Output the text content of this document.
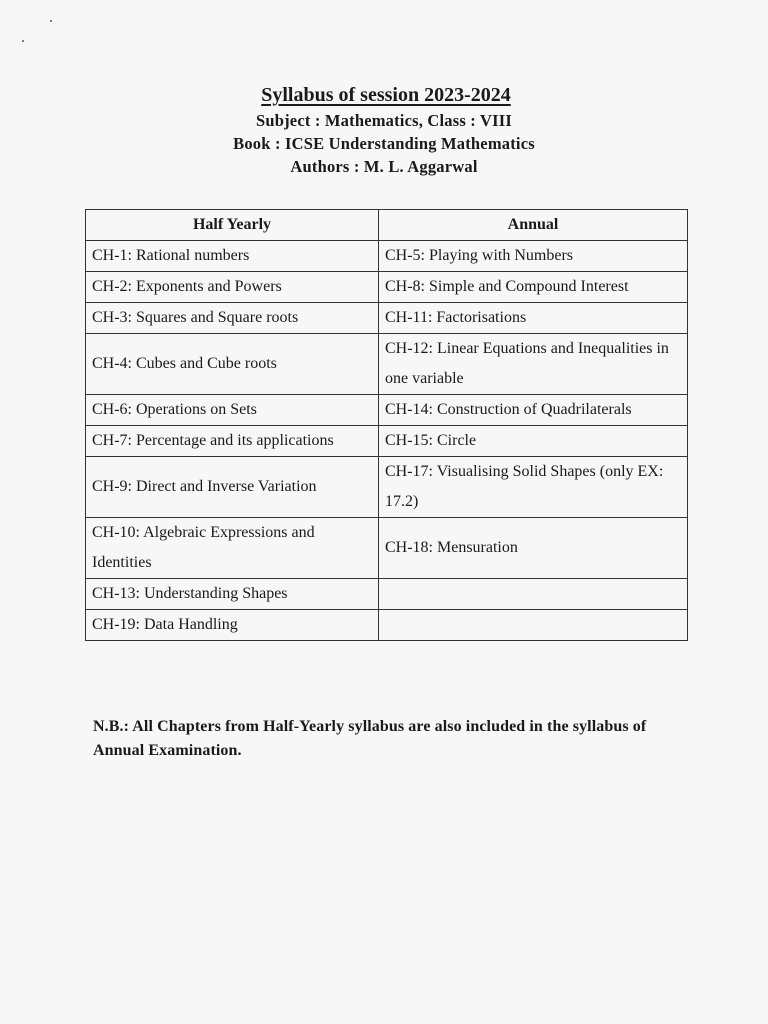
Syllabus of session 2023-2024
Subject : Mathematics, Class : VIII
Book : ICSE Understanding Mathematics
Authors : M. L. Aggarwal
Half Yearly	Annual
CH-1: Rational numbers	CH-5: Playing with Numbers
CH-2: Exponents and Powers	CH-8: Simple and Compound Interest
CH-3: Squares and Square roots	CH-11: Factorisations
CH-4: Cubes and Cube roots	CH-12: Linear Equations and Inequalities in one variable
CH-6: Operations on Sets	CH-14: Construction of Quadrilaterals
CH-7: Percentage and its applications	CH-15: Circle
CH-9: Direct and Inverse Variation	CH-17: Visualising Solid Shapes (only EX: 17.2)
CH-10: Algebraic Expressions and Identities	CH-18: Mensuration
CH-13: Understanding Shapes	
CH-19: Data Handling	
N.B.: All Chapters from Half-Yearly syllabus are also included in the syllabus of Annual Examination.
